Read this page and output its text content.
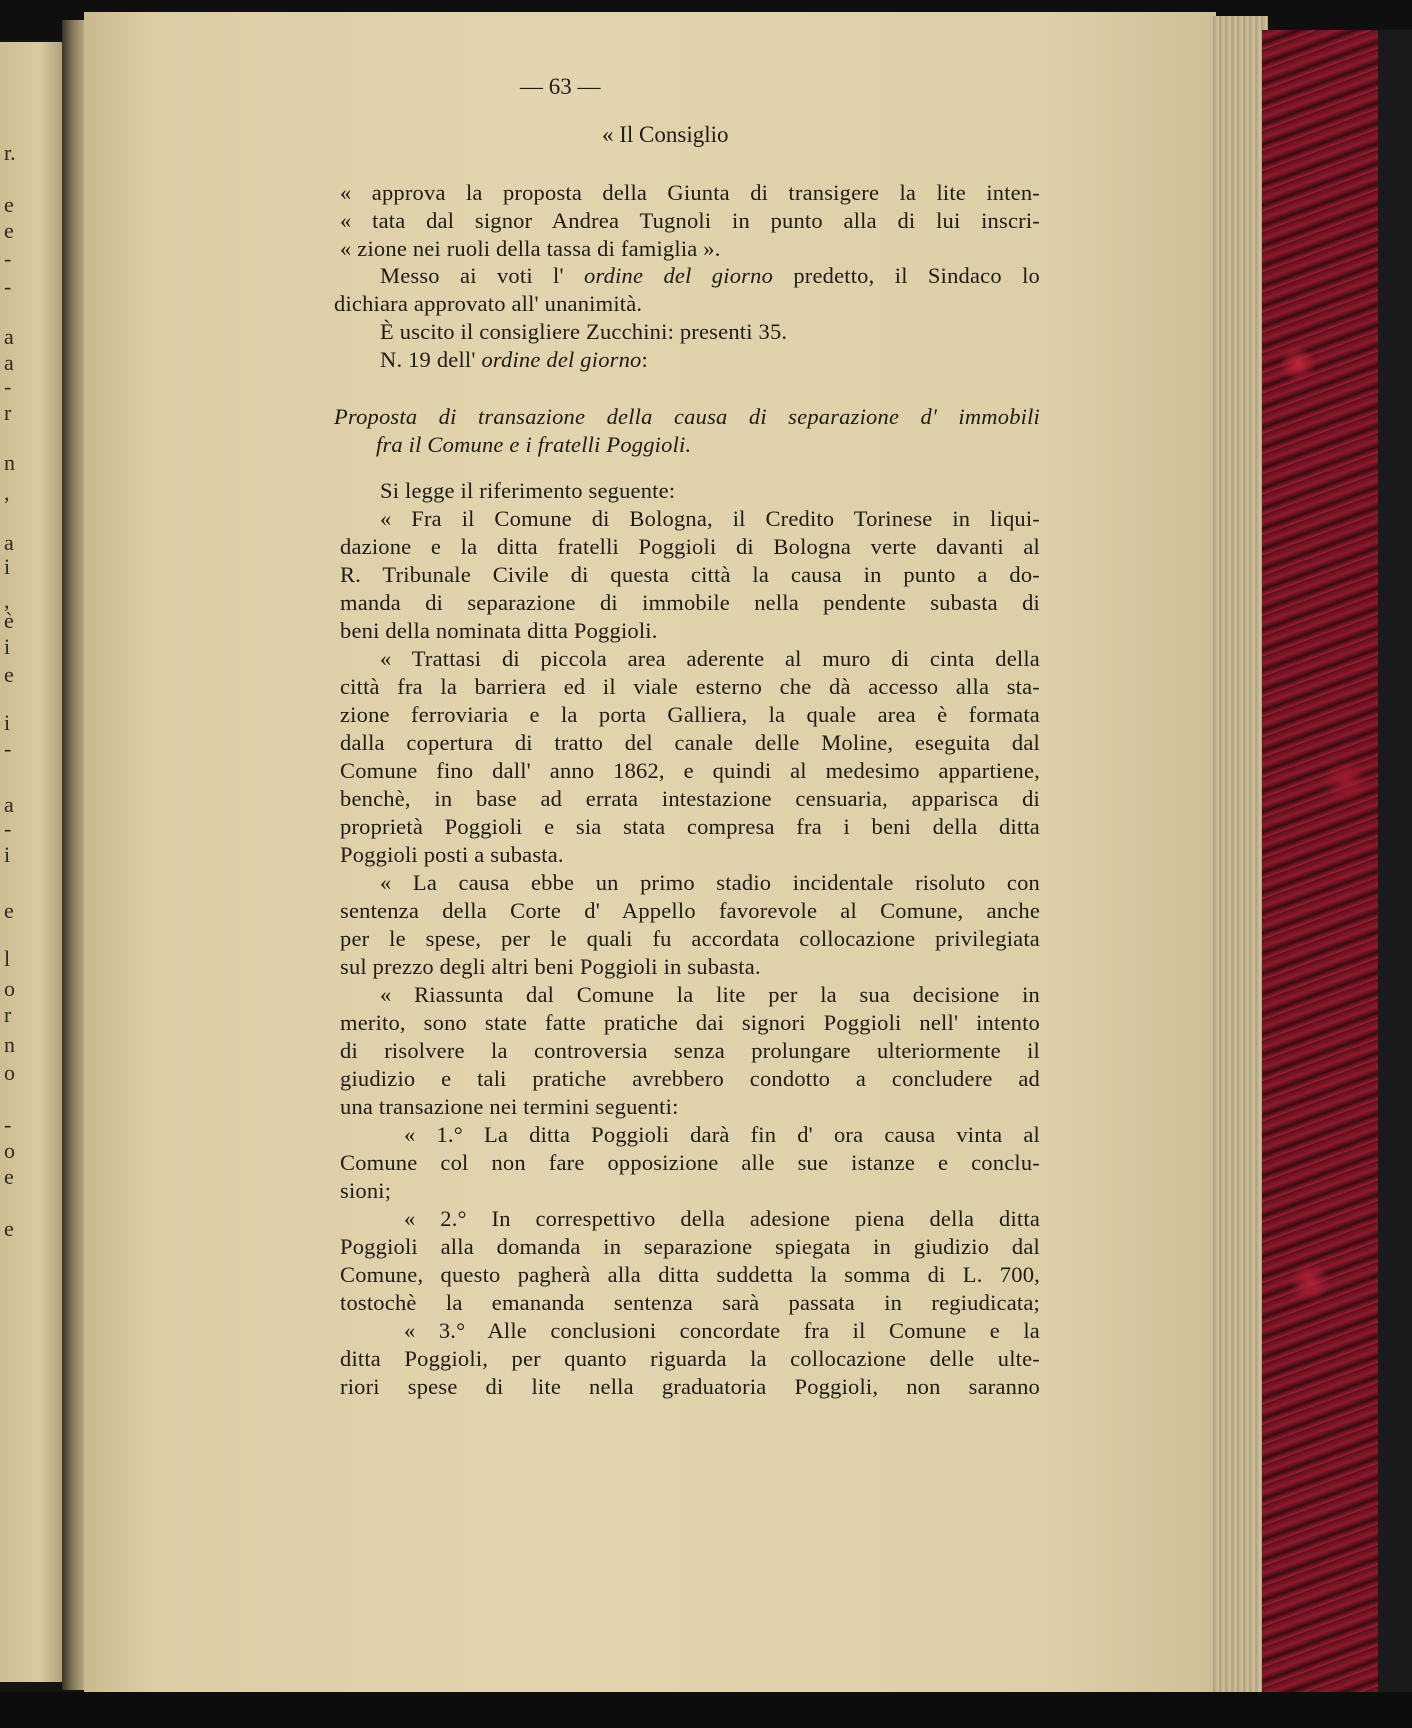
r.
e
e
-
-
a
a
-
r
n
,
a
i
,
è
i
e
i
-
a
-
i
e
l
o
r
n
o
-
o
e
e
— 63 —
« Il Consiglio
« approva la proposta della Giunta di transigere la lite inten-
« tata dal signor Andrea Tugnoli in punto alla di lui inscri-
« zione nei ruoli della tassa di famiglia ».
Messo ai voti l' ordine del giorno predetto, il Sindaco lo
dichiara approvato all' unanimità.
È uscito il consigliere Zucchini: presenti 35.
N. 19 dell' ordine del giorno:
Proposta di transazione della causa di separazione d' immobili
fra il Comune e i fratelli Poggioli.
Si legge il riferimento seguente:
« Fra il Comune di Bologna, il Credito Torinese in liqui-
dazione e la ditta fratelli Poggioli di Bologna verte davanti al
R. Tribunale Civile di questa città la causa in punto a do-
manda di separazione di immobile nella pendente subasta di
beni della nominata ditta Poggioli.
« Trattasi di piccola area aderente al muro di cinta della
città fra la barriera ed il viale esterno che dà accesso alla sta-
zione ferroviaria e la porta Galliera, la quale area è formata
dalla copertura di tratto del canale delle Moline, eseguita dal
Comune fino dall' anno 1862, e quindi al medesimo appartiene,
benchè, in base ad errata intestazione censuaria, apparisca di
proprietà Poggioli e sia stata compresa fra i beni della ditta
Poggioli posti a subasta.
« La causa ebbe un primo stadio incidentale risoluto con
sentenza della Corte d' Appello favorevole al Comune, anche
per le spese, per le quali fu accordata collocazione privilegiata
sul prezzo degli altri beni Poggioli in subasta.
« Riassunta dal Comune la lite per la sua decisione in
merito, sono state fatte pratiche dai signori Poggioli nell' intento
di risolvere la controversia senza prolungare ulteriormente il
giudizio e tali pratiche avrebbero condotto a concludere ad
una transazione nei termini seguenti:
« 1.° La ditta Poggioli darà fin d' ora causa vinta al
Comune col non fare opposizione alle sue istanze e conclu-
sioni;
« 2.° In correspettivo della adesione piena della ditta
Poggioli alla domanda in separazione spiegata in giudizio dal
Comune, questo pagherà alla ditta suddetta la somma di L. 700,
tostochè la emananda sentenza sarà passata in regiudicata;
« 3.° Alle conclusioni concordate fra il Comune e la
ditta Poggioli, per quanto riguarda la collocazione delle ulte-
riori spese di lite nella graduatoria Poggioli, non saranno
